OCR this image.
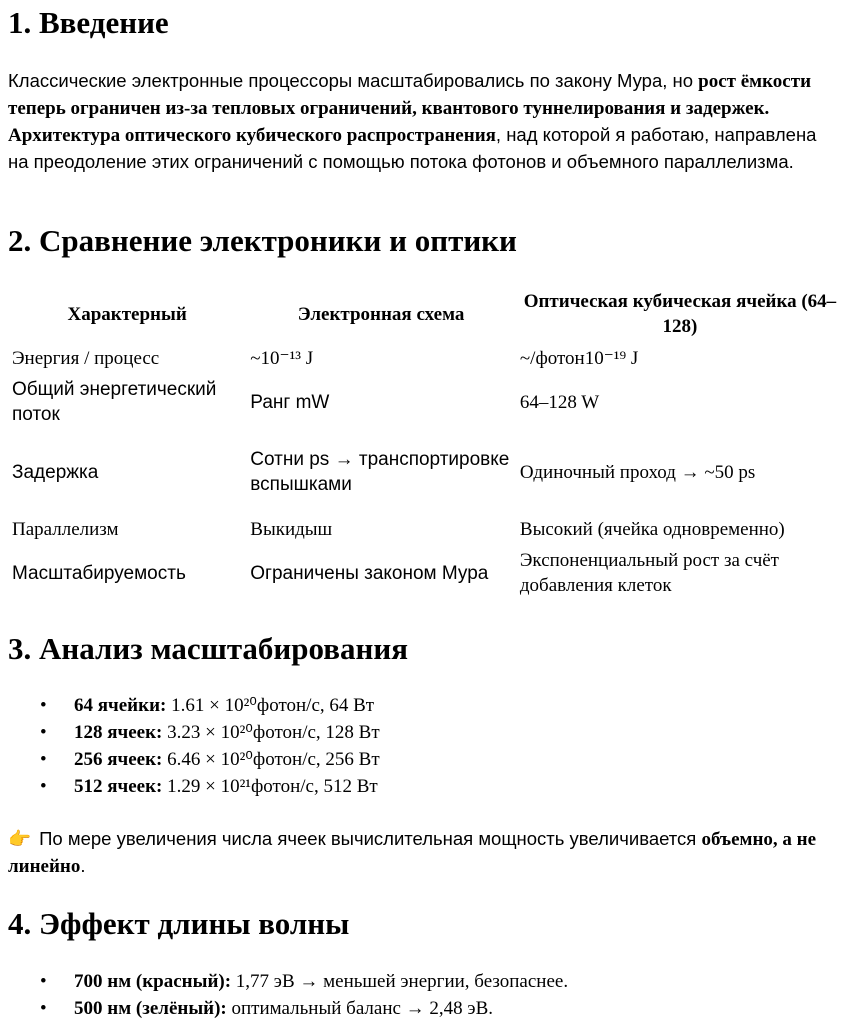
1. Введение
Классические электронные процессоры масштабировались по закону Мура, но рост ёмкости теперь ограничен из-за тепловых ограничений, квантового туннелирования и задержек. Архитектура оптического кубического распространения, над которой я работаю, направлена на преодоление этих ограничений с помощью потока фотонов и объемного параллелизма.
2. Сравнение электроники и оптики
Характерный	Электронная схема	Оптическая кубическая ячейка (64–128)
Энергия / процесс	~10⁻¹³ J	~/фотон10⁻¹⁹ J
Общий энергетический поток	Ранг mW	64–128 W
Задержка	Сотни ps → транспортировке вспышками	Одиночный проход → ~50 ps
Параллелизм	Выкидыш	Высокий (ячейка одновременно)
Масштабируемость	Ограничены законом Мура	Экспоненциальный рост за счёт добавления клеток
3. Анализ масштабирования
• 64 ячейки: 1.61 × 10²⁰фотон/с, 64 Вт
• 128 ячеек: 3.23 × 10²⁰фотон/с, 128 Вт
• 256 ячеек: 6.46 × 10²⁰фотон/с, 256 Вт
• 512 ячеек: 1.29 × 10²¹фотон/с, 512 Вт
👉 По мере увеличения числа ячеек вычислительная мощность увеличивается объемно, а не линейно.
4. Эффект длины волны
• 700 нм (красный): 1,77 эВ → меньшей энергии, безопаснее.
• 500 нм (зелёный): оптимальный баланс → 2,48 эВ.
